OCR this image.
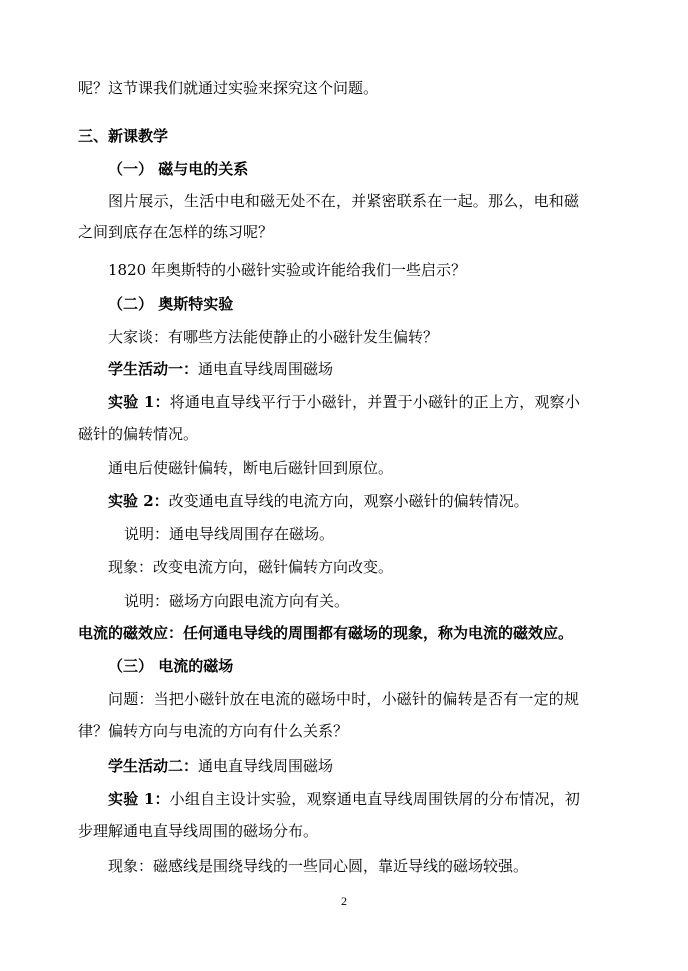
呢？这节课我们就通过实验来探究这个问题。
三、新课教学
（一） 磁与电的关系
图片展示，生活中电和磁无处不在，并紧密联系在一起。那么，电和磁
之间到底存在怎样的练习呢？
1820 年奥斯特的小磁针实验或许能给我们一些启示？
（二） 奥斯特实验
大家谈：有哪些方法能使静止的小磁针发生偏转？
学生活动一：通电直导线周围磁场
实验 1：将通电直导线平行于小磁针，并置于小磁针的正上方，观察小
磁针的偏转情况。
通电后使磁针偏转，断电后磁针回到原位。
实验 2：改变通电直导线的电流方向，观察小磁针的偏转情况。
说明：通电导线周围存在磁场。
现象：改变电流方向，磁针偏转方向改变。
说明：磁场方向跟电流方向有关。
电流的磁效应：任何通电导线的周围都有磁场的现象，称为电流的磁效应。
（三） 电流的磁场
问题：当把小磁针放在电流的磁场中时，小磁针的偏转是否有一定的规
律？偏转方向与电流的方向有什么关系？
学生活动二：通电直导线周围磁场
实验 1：小组自主设计实验，观察通电直导线周围铁屑的分布情况，初
步理解通电直导线周围的磁场分布。
现象：磁感线是围绕导线的一些同心圆，靠近导线的磁场较强。
2
